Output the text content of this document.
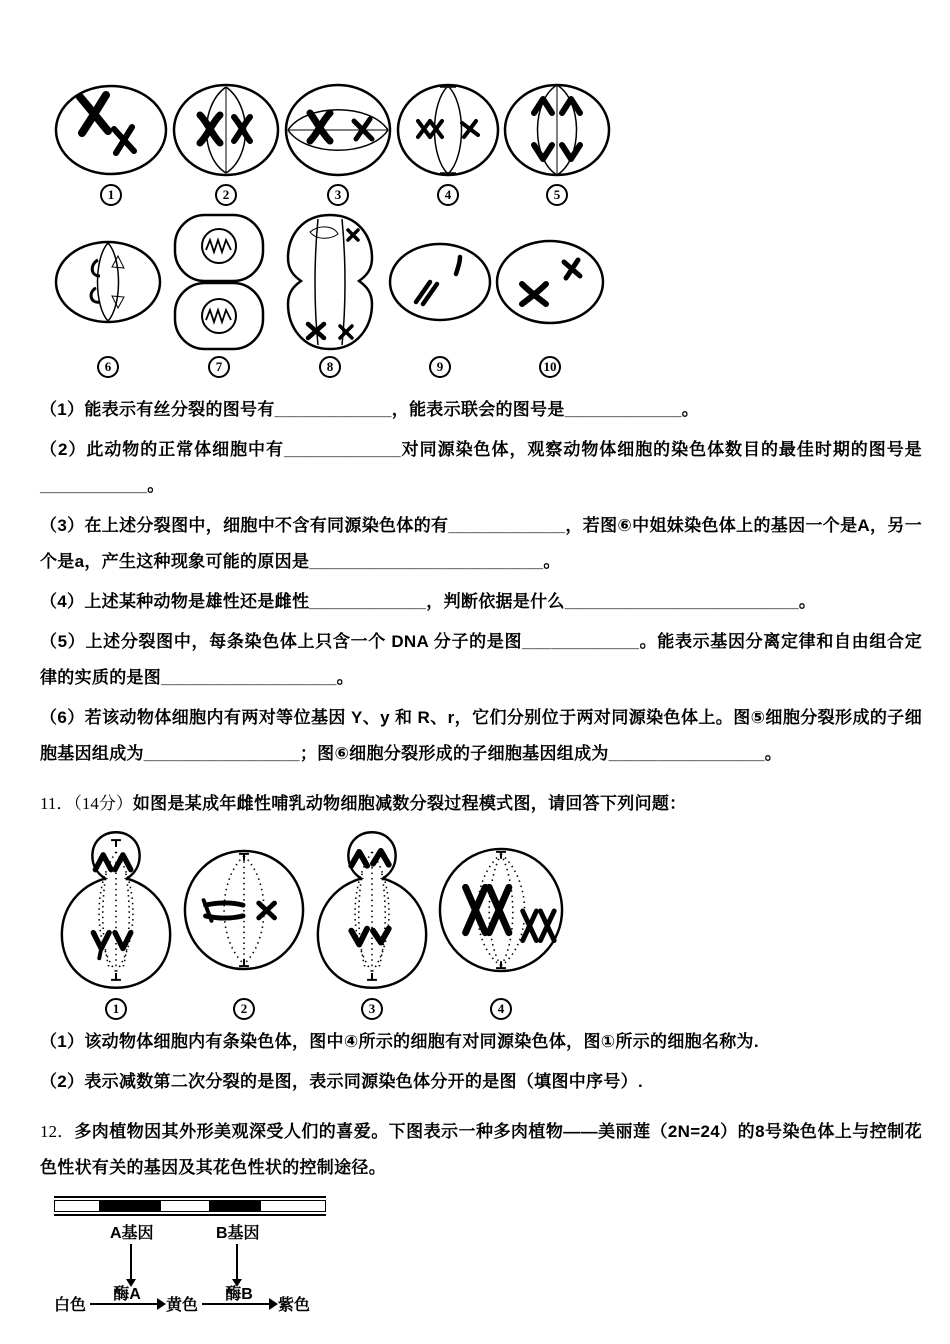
1	2	3	4	5
6	7	8	9	10

（1）能表示有丝分裂的图号有____________，能表示联会的图号是____________。

（2）此动物的正常体细胞中有____________对同源染色体，观察动物体细胞的染色体数目的最佳时期的图号是___________。

（3）在上述分裂图中，细胞中不含有同源染色体的有____________，若图⑥中姐妹染色体上的基因一个是A，另一个是a，产生这种现象可能的原因是________________________。

（4）上述某种动物是雄性还是雌性____________，判断依据是什么________________________。

（5）上述分裂图中，每条染色体上只含一个 DNA 分子的是图____________。能表示基因分离定律和自由组合定律的实质的是图__________________。

（6）若该动物体细胞内有两对等位基因 Y、y 和 R、r，它们分别位于两对同源染色体上。图⑤细胞分裂形成的子细胞基因组成为________________；图⑥细胞分裂形成的子细胞基因组成为________________。

11．（14分）如图是某成年雌性哺乳动物细胞减数分裂过程模式图，请回答下列问题：

1	2	3	4

（1）该动物体细胞内有条染色体，图中④所示的细胞有对同源染色体，图①所示的细胞名称为.

（2）表示减数第二次分裂的是图，表示同源染色体分开的是图（填图中序号）.

12．多肉植物因其外形美观深受人们的喜爱。下图表示一种多肉植物——美丽莲（2N=24）的8号染色体上与控制花色性状有关的基因及其花色性状的控制途径。

A基因	B基因
白色
酶A
黄色
酶B
紫色
